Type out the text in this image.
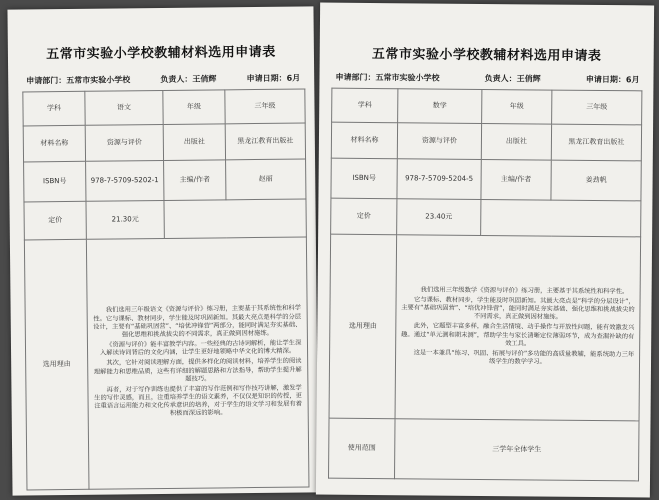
五常市实验小学校教辅材料选用申请表
申请部门：五常市实验小学校	负责人：王俏辉	申请日期：6月
学科	语文	年级	三年级
材料名称	资源与评价	出版社	黑龙江教育出版社
ISBN号	978-7-5709-5202-1	主编/作者	赵丽
定价	21.30元		
选用理由	我们选用三年级语文《资源与评价》练习册，主要基于其系统性和科学性。它与课标、教材同步，学生能及时巩固新知。其最大亮点是科学的分层设计，主要有“基础巩固营”、“培优冲锋营”两部分，能同时满足夯实基础、强化思维和挑战拔尖的不同需求，真正做到因材施练。

《资源与评价》能丰富教学内容。一些经典的古诗词解析，能让学生深入解读诗词背后的文化内涵，让学生更好地领略中华文化的博大精深。

其次，它针对阅读理解方面，提供多样化的阅读材料，培养学生的阅读理解能力和思维品质，这些有详细的解题思路和方法指导，帮助学生提升解题技巧。

再者，对于写作训练也提供了丰富的写作范例和写作技巧讲解，激发学生的写作灵感，而且，注重培养学生的语文素养，不仅仅是知识的传授，更注重语言运用能力和文化传承意识的培养，对于学生的语文学习和发展有着积极而深远的影响。		

五常市实验小学校教辅材料选用申请表
申请部门：五常市实验小学校	负责人：王俏辉	申请日期：6月
学科	数学	年级	三年级
材料名称	资源与评价	出版社	黑龙江教育出版社
ISBN号	978-7-5709-5204-5	主编/作者	姜劲帆
定价	23.40元		
选用理由	我们选用三年级数学《资源与评价》练习册，主要基于其系统性和科学性。

它与课标、教材同步，学生能及时巩固新知。其最大亮点是“科学的分层设计”，主要有“基础巩固营”、“培优冲锋营”，能同时满足夯实基础、强化思维和挑战拔尖的不同需求，真正做到因材施练。

此外，它题型丰富多样，融合生活情境、动手操作与开放性问题，能有效激发兴趣。通过“单元测和期末测”，帮助学生与家长清晰定位薄弱环节，成为查漏补缺的有效工具。

这是一本兼具“练习、巩固、拓展与评价”多功能的高质量教辅，能系统助力三年级学生的数学学习。		

使用范围	三学年全体学生		
